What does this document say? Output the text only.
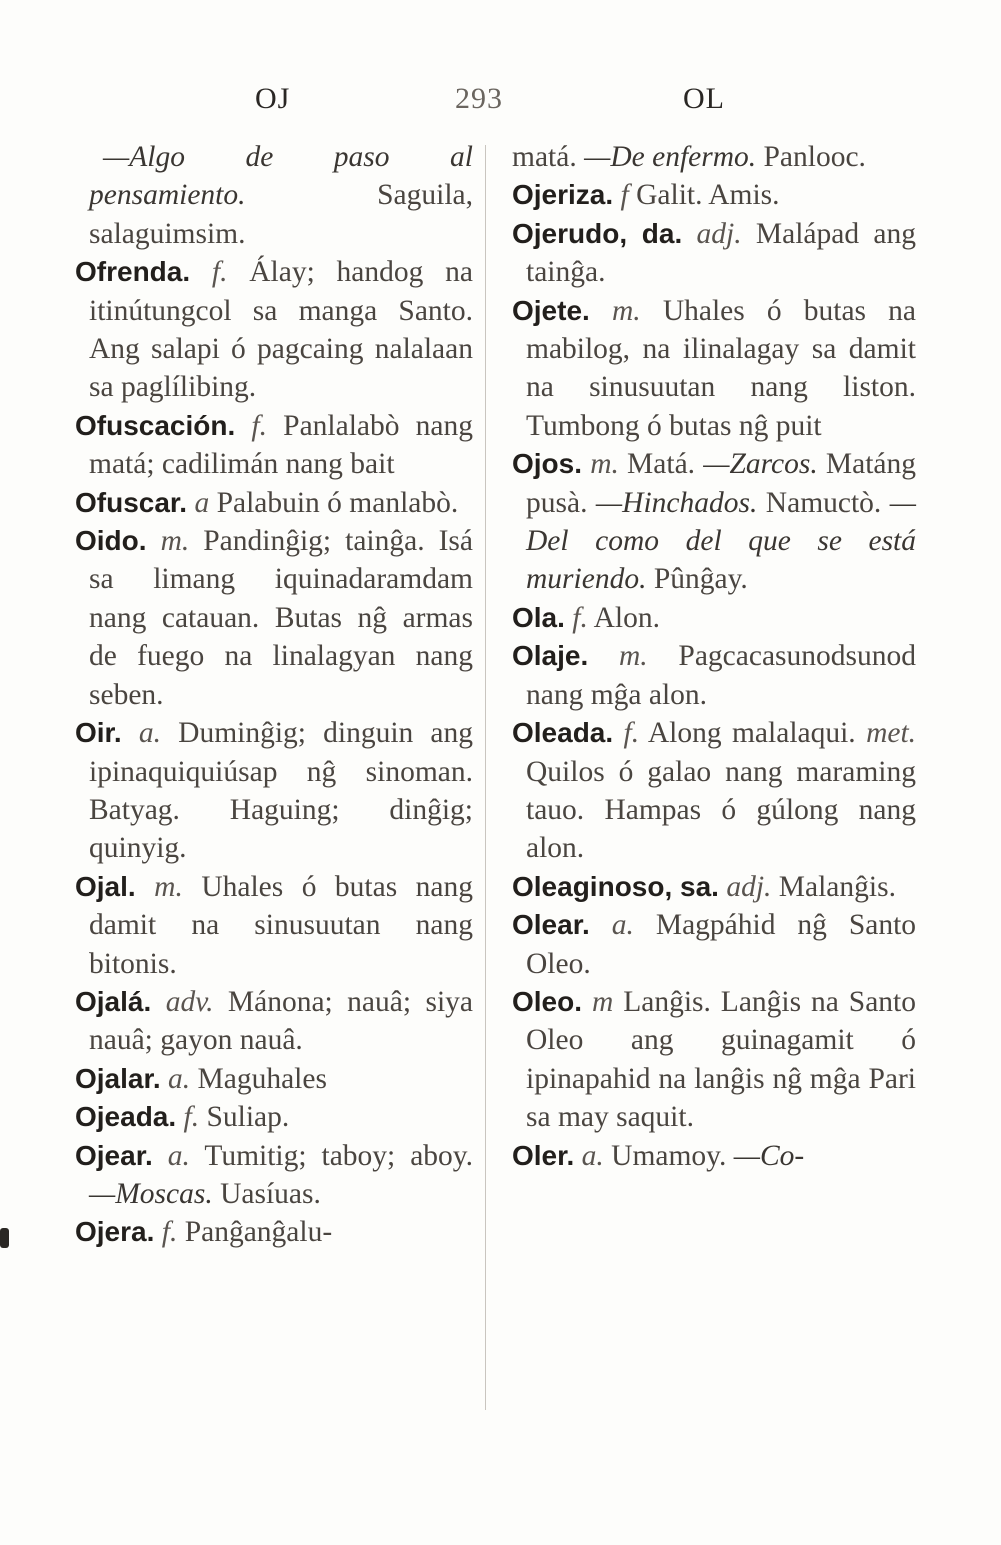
OJ	293	OL

—Algo de paso al pensamiento.	Saguila, salaguimsim.

Ofrenda. f. Álay; handog na itinútungcol sa manga Santo. Ang salapi ó pagcaing nalalaan sa paglílibing.

Ofuscación. f. Panlalabò nang matá; cadilimán nang bait

Ofuscar. a Palabuin ó manlabò.

Oido. m. Pandinĝig; tainĝa. Isá sa limang iquinadaramdam nang catauan. Butas nĝ armas de fuego na linalagyan nang seben.

Oir. a. Duminĝig; dinguin ang ipinaquiquiúsap nĝ sinoman. Batyag. Haguing; dinĝig; quinyig.

Ojal. m. Uhales ó butas nang damit na sinusuutan nang bitonis.

Ojalá. adv. Mánona; nauâ; siya nauâ; gayon nauâ.

Ojalar. a. Maguhales

Ojeada. f. Suliap.

Ojear. a. Tumitig; taboy; aboy. —Moscas. Uasíuas.

Ojera. f. Panĝanĝalu-

matá. —De enfermo. Panlooc.

Ojeriza. f Galit. Amis.

Ojerudo, da. adj. Malápad ang tainĝa.

Ojete. m. Uhales ó butas na mabilog, na ilinalagay sa damit na sinusuutan nang liston. Tumbong ó butas nĝ puit

Ojos. m. Matá. —Zarcos. Matáng pusà. —Hinchados. Namuctò. —Del como del que se está muriendo. Pûnĝay.

Ola. f. Alon.

Olaje. m. Pagcacasunodsunod nang mĝa alon.

Oleada. f. Along malalaqui. met. Quilos ó galao nang maraming tauo. Hampas ó gúlong nang alon.

Oleaginoso, sa. adj. Malanĝis.

Olear. a. Magpáhid nĝ Santo Oleo.

Oleo. m Lanĝis. Lanĝis na Santo Oleo ang guinagamit ó ipinapahid na lanĝis nĝ mĝa Pari sa may saquit.

Oler. a. Umamoy. —Co-
